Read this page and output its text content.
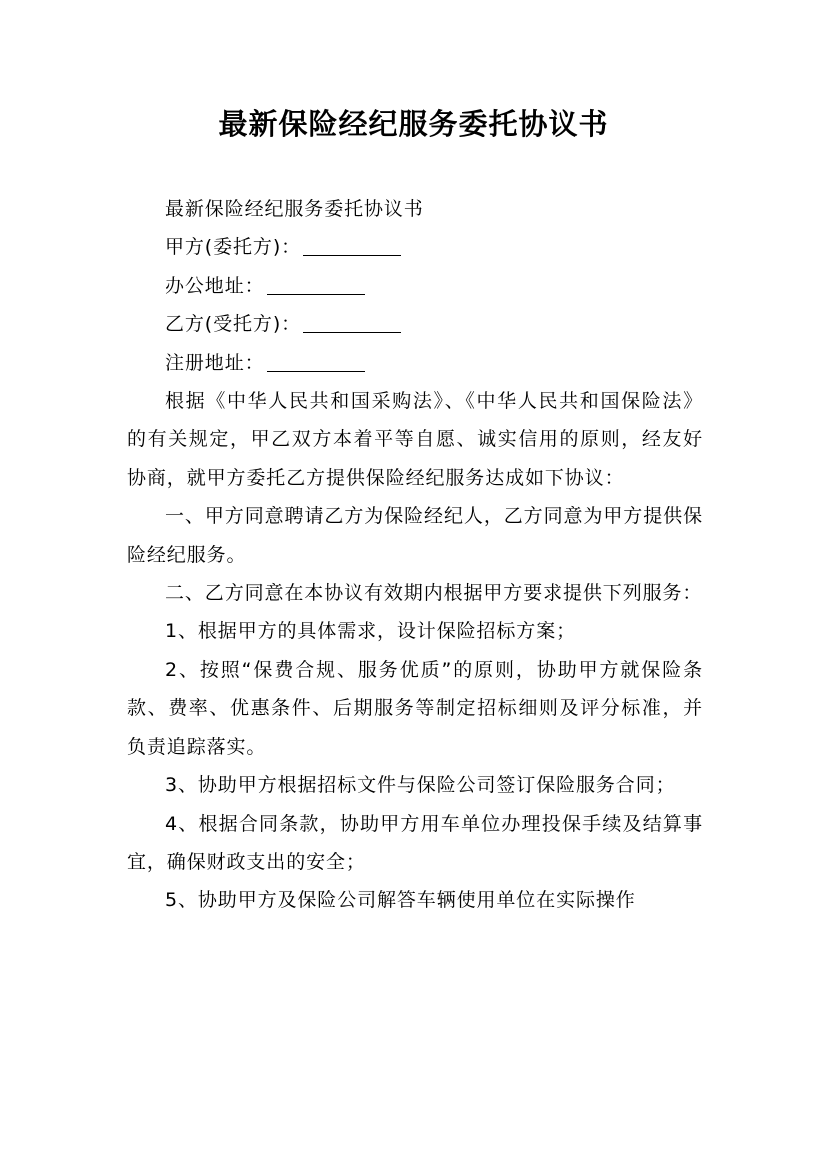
最新保险经纪服务委托协议书

最新保险经纪服务委托协议书

甲方(委托方)：

办公地址：

乙方(受托方)：

注册地址：

根据《中华人民共和国采购法》、《中华人民共和国保险法》的有关规定，甲乙双方本着平等自愿、诚实信用的原则，经友好协商，就甲方委托乙方提供保险经纪服务达成如下协议：

一、甲方同意聘请乙方为保险经纪人，乙方同意为甲方提供保险经纪服务。

二、乙方同意在本协议有效期内根据甲方要求提供下列服务：

1、根据甲方的具体需求，设计保险招标方案；

2、按照“保费合规、服务优质”的原则，协助甲方就保险条款、费率、优惠条件、后期服务等制定招标细则及评分标准，并负责追踪落实。

3、协助甲方根据招标文件与保险公司签订保险服务合同；

4、根据合同条款，协助甲方用车单位办理投保手续及结算事宜，确保财政支出的安全；

5、协助甲方及保险公司解答车辆使用单位在实际操作
